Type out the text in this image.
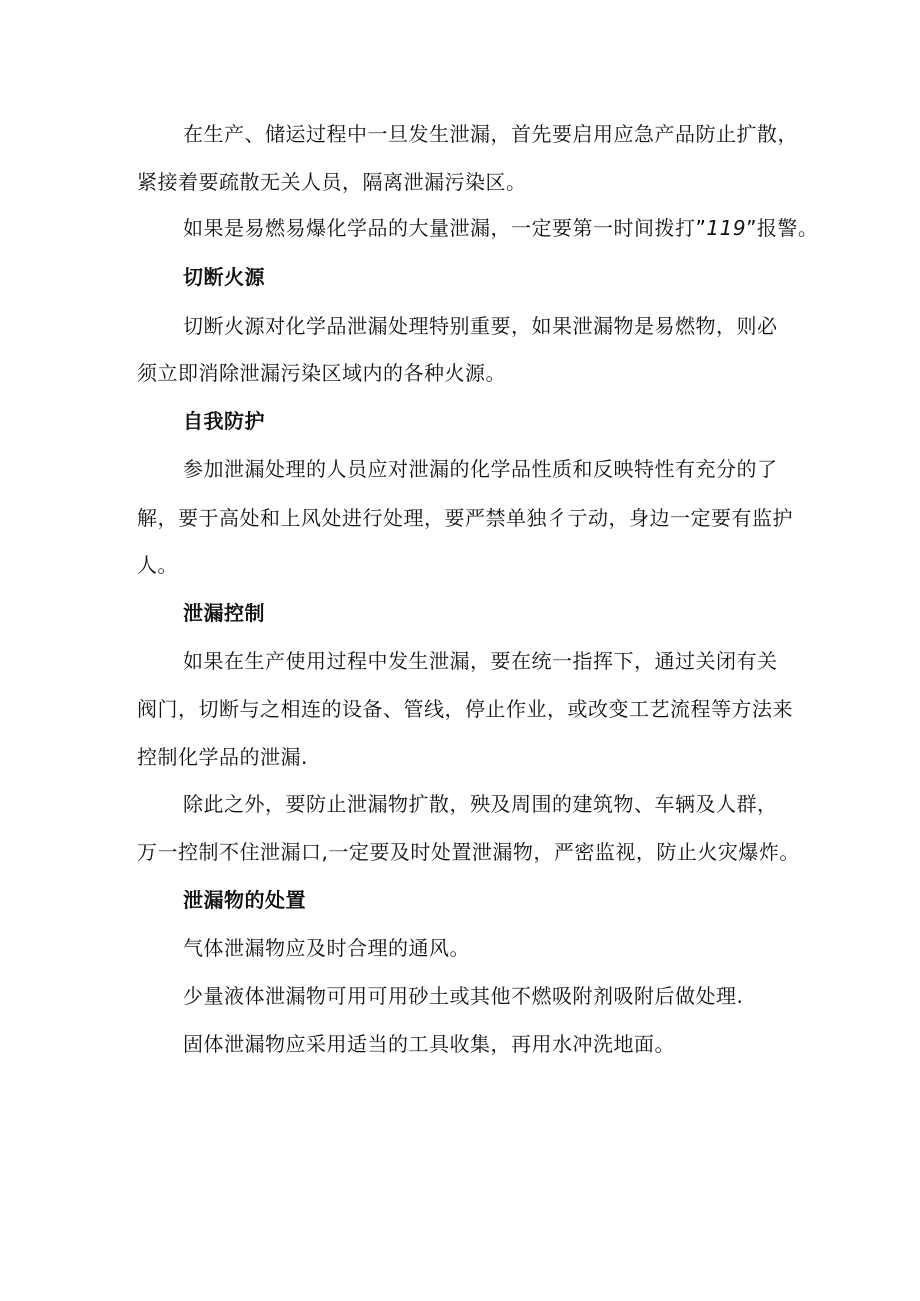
在生产、储运过程中一旦发生泄漏，首先要启用应急产品防止扩散，
紧接着要疏散无关人员，隔离泄漏污染区。
如果是易燃易爆化学品的大量泄漏，一定要第一时间拨打”119”报警。
切断火源
切断火源对化学品泄漏处理特别重要，如果泄漏物是易燃物，则必
须立即消除泄漏污染区域内的各种火源。
自我防护
参加泄漏处理的人员应对泄漏的化学品性质和反映特性有充分的了
解，要于高处和上风处进行处理，要严禁单独彳亍动，身边一定要有监护
人。
泄漏控制
如果在生产使用过程中发生泄漏，要在统一指挥下，通过关闭有关
阀门，切断与之相连的设备、管线，停止作业，或改变工艺流程等方法来
控制化学品的泄漏.
除此之外，要防止泄漏物扩散，殃及周围的建筑物、车辆及人群，
万一控制不住泄漏口,一定要及时处置泄漏物，严密监视，防止火灾爆炸。
泄漏物的处置
气体泄漏物应及时合理的通风。
少量液体泄漏物可用可用砂土或其他不燃吸附剂吸附后做处理.
固体泄漏物应采用适当的工具收集，再用水冲洗地面。
